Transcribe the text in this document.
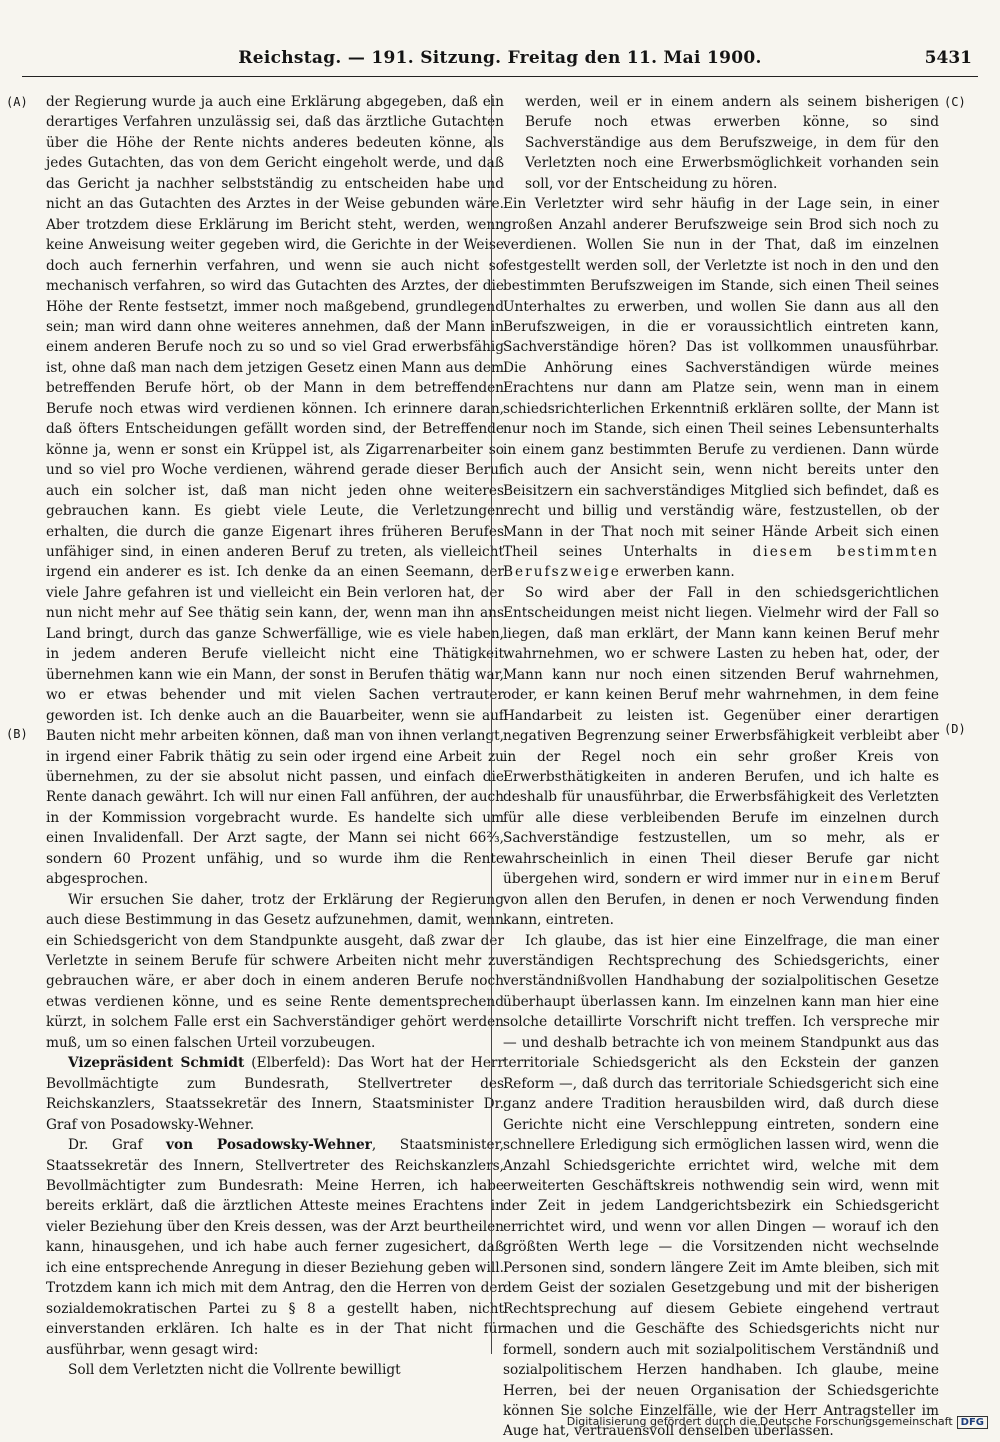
Reichstag. — 191. Sitzung. Freitag den 11. Mai 1900.	5431
(A)
(B)
(C)
(D)

der Regierung wurde ja auch eine Erklärung abgegeben, daß ein derartiges Verfahren unzulässig sei, daß das ärztliche Gutachten über die Höhe der Rente nichts anderes bedeuten könne, als jedes Gutachten, das von dem Gericht eingeholt werde, und daß das Gericht ja nachher selbstständig zu entscheiden habe und nicht an das Gutachten des Arztes in der Weise gebunden wäre. Aber trotzdem diese Erklärung im Bericht steht, werden, wenn keine Anweisung weiter gegeben wird, die Gerichte in der Weise doch auch fernerhin verfahren, und wenn sie auch nicht so mechanisch verfahren, so wird das Gutachten des Arztes, der die Höhe der Rente festsetzt, immer noch maßgebend, grundlegend sein; man wird dann ohne weiteres annehmen, daß der Mann in einem anderen Berufe noch zu so und so viel Grad erwerbsfähig ist, ohne daß man nach dem jetzigen Gesetz einen Mann aus dem betreffenden Berufe hört, ob der Mann in dem betreffenden Berufe noch etwas wird verdienen können. Ich erinnere daran, daß öfters Entscheidungen gefällt worden sind, der Betreffende könne ja, wenn er sonst ein Krüppel ist, als Zigarrenarbeiter so und so viel pro Woche verdienen, während gerade dieser Beruf auch ein solcher ist, daß man nicht jeden ohne weiteres gebrauchen kann. Es giebt viele Leute, die Verletzungen erhalten, die durch die ganze Eigenart ihres früheren Berufes unfähiger sind, in einen anderen Beruf zu treten, als vielleicht irgend ein anderer es ist. Ich denke da an einen Seemann, der viele Jahre gefahren ist und vielleicht ein Bein verloren hat, der nun nicht mehr auf See thätig sein kann, der, wenn man ihn ans Land bringt, durch das ganze Schwerfällige, wie es viele haben, in jedem anderen Berufe vielleicht nicht eine Thätigkeit übernehmen kann wie ein Mann, der sonst in Berufen thätig war, wo er etwas behender und mit vielen Sachen vertrauter geworden ist. Ich denke auch an die Bauarbeiter, wenn sie auf Bauten nicht mehr arbeiten können, daß man von ihnen verlangt, in irgend einer Fabrik thätig zu sein oder irgend eine Arbeit zu übernehmen, zu der sie absolut nicht passen, und einfach die Rente danach gewährt. Ich will nur einen Fall anführen, der auch in der Kommission vorgebracht wurde. Es handelte sich um einen Invalidenfall. Der Arzt sagte, der Mann sei nicht 66⅔, sondern 60 Prozent unfähig, und so wurde ihm die Rente abgesprochen.

Wir ersuchen Sie daher, trotz der Erklärung der Regierung auch diese Bestimmung in das Gesetz aufzunehmen, damit, wenn ein Schiedsgericht von dem Standpunkte ausgeht, daß zwar der Verletzte in seinem Berufe für schwere Arbeiten nicht mehr zu gebrauchen wäre, er aber doch in einem anderen Berufe noch etwas verdienen könne, und es seine Rente dementsprechend kürzt, in solchem Falle erst ein Sachverständiger gehört werden muß, um so einen falschen Urteil vorzubeugen.

Vizepräsident Schmidt (Elberfeld): Das Wort hat der Herr Bevollmächtigte zum Bundesrath, Stellvertreter des Reichskanzlers, Staatssekretär des Innern, Staatsminister Dr. Graf von Posadowsky-Wehner.

Dr. Graf von Posadowsky-Wehner, Staatsminister, Staatssekretär des Innern, Stellvertreter des Reichskanzlers, Bevollmächtigter zum Bundesrath: Meine Herren, ich habe bereits erklärt, daß die ärztlichen Atteste meines Erachtens in vieler Beziehung über den Kreis dessen, was der Arzt beurtheilen kann, hinausgehen, und ich habe auch ferner zugesichert, daß ich eine entsprechende Anregung in dieser Beziehung geben will. Trotzdem kann ich mich mit dem Antrag, den die Herren von der sozialdemokratischen Partei zu § 8 a gestellt haben, nicht einverstanden erklären. Ich halte es in der That nicht für ausführbar, wenn gesagt wird:

Soll dem Verletzten nicht die Vollrente bewilligt

werden, weil er in einem andern als seinem bisherigen Berufe noch etwas erwerben könne, so sind Sachverständige aus dem Berufszweige, in dem für den Verletzten noch eine Erwerbsmöglichkeit vorhanden sein soll, vor der Entscheidung zu hören.

Ein Verletzter wird sehr häufig in der Lage sein, in einer großen Anzahl anderer Berufszweige sein Brod sich noch zu verdienen. Wollen Sie nun in der That, daß im einzelnen festgestellt werden soll, der Verletzte ist noch in den und den bestimmten Berufszweigen im Stande, sich einen Theil seines Unterhaltes zu erwerben, und wollen Sie dann aus all den Berufszweigen, in die er voraussichtlich eintreten kann, Sachverständige hören? Das ist vollkommen unausführbar. Die Anhörung eines Sachverständigen würde meines Erachtens nur dann am Platze sein, wenn man in einem schiedsrichterlichen Erkenntniß erklären sollte, der Mann ist nur noch im Stande, sich einen Theil seines Lebensunterhalts in einem ganz bestimmten Berufe zu verdienen. Dann würde ich auch der Ansicht sein, wenn nicht bereits unter den Beisitzern ein sachverständiges Mitglied sich befindet, daß es recht und billig und verständig wäre, festzustellen, ob der Mann in der That noch mit seiner Hände Arbeit sich einen Theil seines Unterhalts in diesem bestimmten Berufszweige erwerben kann.

So wird aber der Fall in den schiedsgerichtlichen Entscheidungen meist nicht liegen. Vielmehr wird der Fall so liegen, daß man erklärt, der Mann kann keinen Beruf mehr wahrnehmen, wo er schwere Lasten zu heben hat, oder, der Mann kann nur noch einen sitzenden Beruf wahrnehmen, oder, er kann keinen Beruf mehr wahrnehmen, in dem feine Handarbeit zu leisten ist. Gegenüber einer derartigen negativen Begrenzung seiner Erwerbsfähigkeit verbleibt aber in der Regel noch ein sehr großer Kreis von Erwerbsthätigkeiten in anderen Berufen, und ich halte es deshalb für unausführbar, die Erwerbsfähigkeit des Verletzten für alle diese verbleibenden Berufe im einzelnen durch Sachverständige festzustellen, um so mehr, als er wahrscheinlich in einen Theil dieser Berufe gar nicht übergehen wird, sondern er wird immer nur in einem Beruf von allen den Berufen, in denen er noch Verwendung finden kann, eintreten.

Ich glaube, das ist hier eine Einzelfrage, die man einer verständigen Rechtsprechung des Schiedsgerichts, einer verständnißvollen Handhabung der sozialpolitischen Gesetze überhaupt überlassen kann. Im einzelnen kann man hier eine solche detaillirte Vorschrift nicht treffen. Ich verspreche mir — und deshalb betrachte ich von meinem Standpunkt aus das territoriale Schiedsgericht als den Eckstein der ganzen Reform —, daß durch das territoriale Schiedsgericht sich eine ganz andere Tradition herausbilden wird, daß durch diese Gerichte nicht eine Verschleppung eintreten, sondern eine schnellere Erledigung sich ermöglichen lassen wird, wenn die Anzahl Schiedsgerichte errichtet wird, welche mit dem erweiterten Geschäftskreis nothwendig sein wird, wenn mit der Zeit in jedem Landgerichtsbezirk ein Schiedsgericht errichtet wird, und wenn vor allen Dingen — worauf ich den größten Werth lege — die Vorsitzenden nicht wechselnde Personen sind, sondern längere Zeit im Amte bleiben, sich mit dem Geist der sozialen Gesetzgebung und mit der bisherigen Rechtsprechung auf diesem Gebiete eingehend vertraut machen und die Geschäfte des Schiedsgerichts nicht nur formell, sondern auch mit sozialpolitischem Verständniß und sozialpolitischem Herzen handhaben. Ich glaube, meine Herren, bei der neuen Organisation der Schiedsgerichte können Sie solche Einzelfälle, wie der Herr Antragsteller im Auge hat, vertrauensvoll denselben überlassen.

Digitalisierung gefördert durch die Deutsche Forschungsgemeinschaft DFG
